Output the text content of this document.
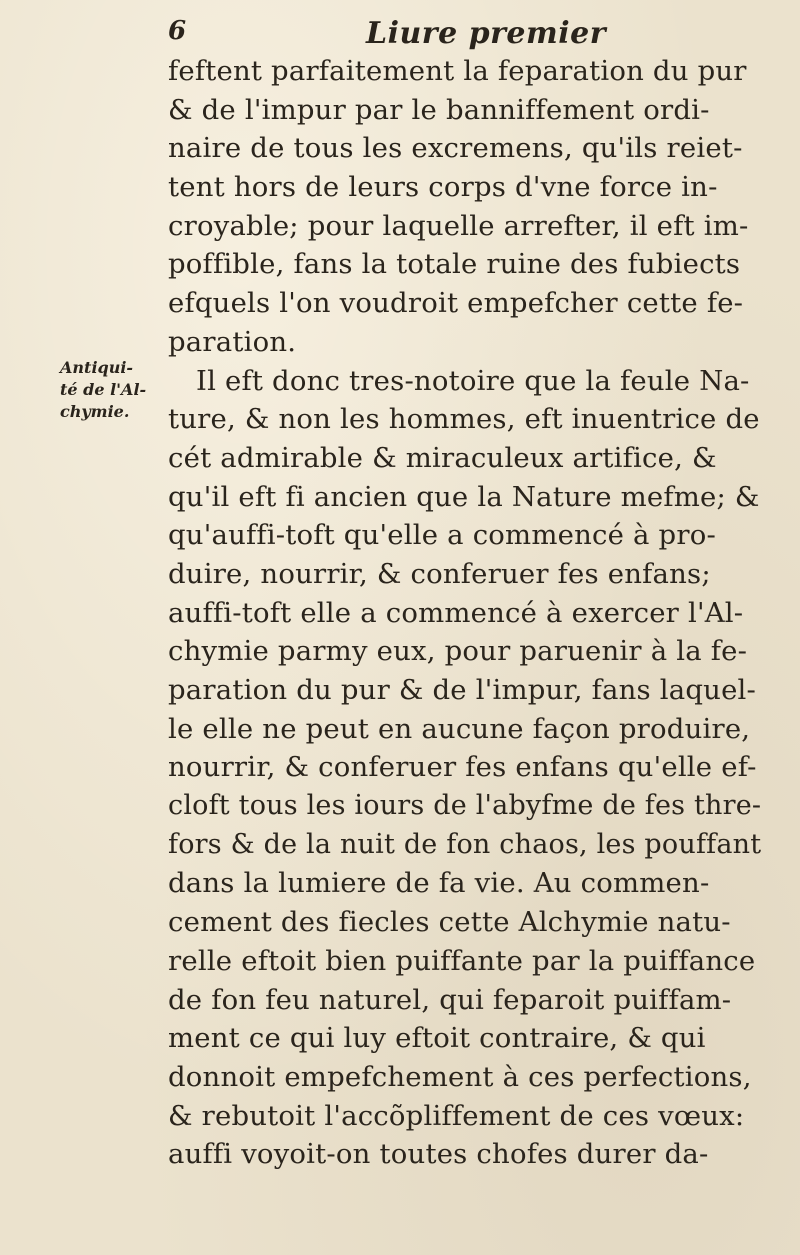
6	Liure premier
Antiqui-
té de l'Al-
chymie.
feftent parfaitement la feparation du pur
& de l'impur par le banniffement ordi-
naire de tous les excremens, qu'ils reiet-
tent hors de leurs corps d'vne force in-
croyable; pour laquelle arrefter, il eft im-
poffible, fans la totale ruine des fubiects
efquels l'on voudroit empefcher cette fe-
paration.
Il eft donc tres-notoire que la feule Na-
ture, & non les hommes, eft inuentrice de
cét admirable & miraculeux artifice, &
qu'il eft fi ancien que la Nature mefme; &
qu'auffi-toft qu'elle a commencé à pro-
duire, nourrir, & conferuer fes enfans;
auffi-toft elle a commencé à exercer l'Al-
chymie parmy eux, pour paruenir à la fe-
paration du pur & de l'impur, fans laquel-
le elle ne peut en aucune façon produire,
nourrir, & conferuer fes enfans qu'elle ef-
cloft tous les iours de l'abyfme de fes thre-
fors & de la nuit de fon chaos, les pouffant
dans la lumiere de fa vie. Au commen-
cement des fiecles cette Alchymie natu-
relle eftoit bien puiffante par la puiffance
de fon feu naturel, qui feparoit puiffam-
ment ce qui luy eftoit contraire, & qui
donnoit empefchement à ces perfections,
& rebutoit l'accõpliffement de ces vœux:
auffi voyoit-on toutes chofes durer da-
